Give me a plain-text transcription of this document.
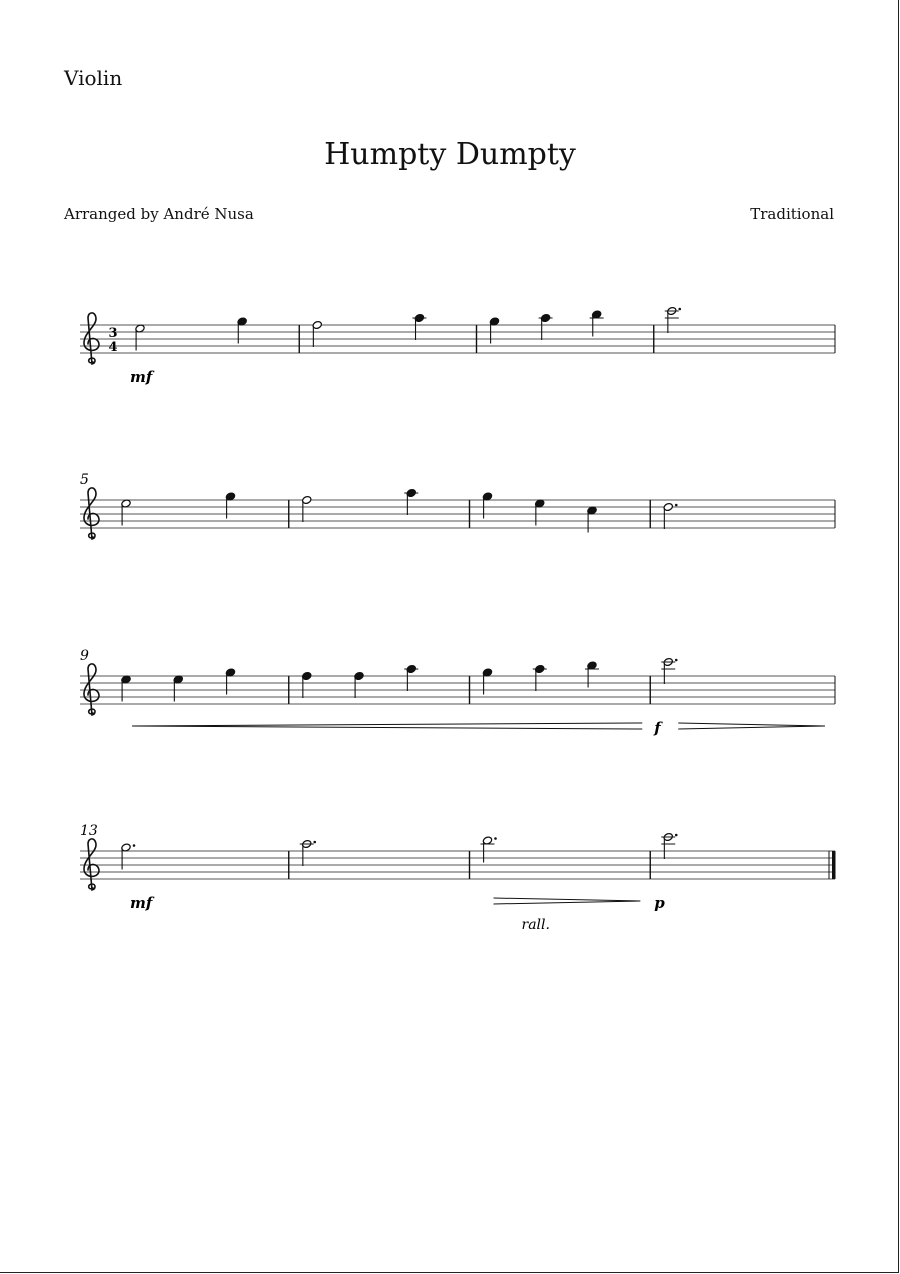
Violin
Humpty Dumpty
Arranged by André Nusa	Traditional
3
4
mf
5
9
f
13
mf	p
rall.
